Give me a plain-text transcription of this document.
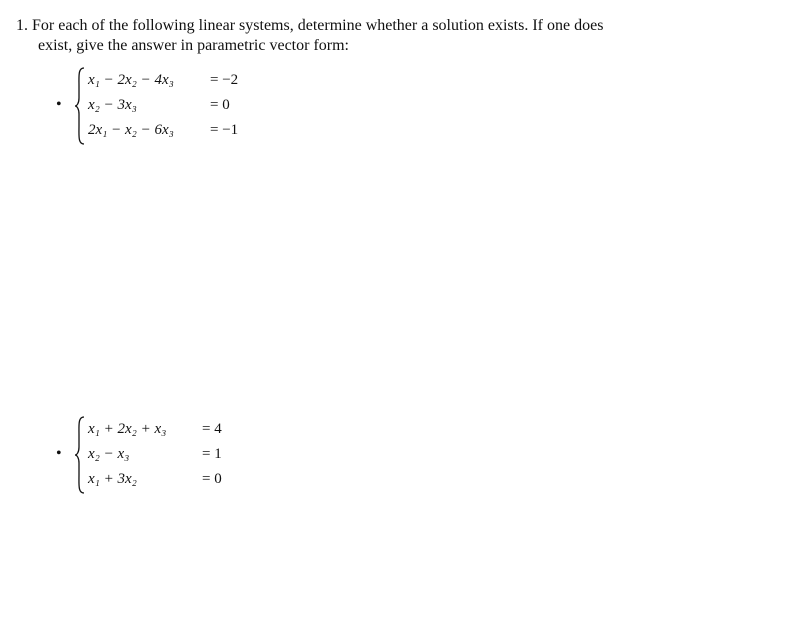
1. For each of the following linear systems, determine whether a solution exists. If one does
exist, give the answer in parametric vector form:
•
x₁ − 2x₂ − 4x₃ = −2
x₂ − 3x₃	= 0
2x₁ − x₂ − 6x₃ = −1
•
x₁ + 2x₂ + x₃ = 4
x₂ − x₃	= 1
x₁ + 3x₂	= 0
